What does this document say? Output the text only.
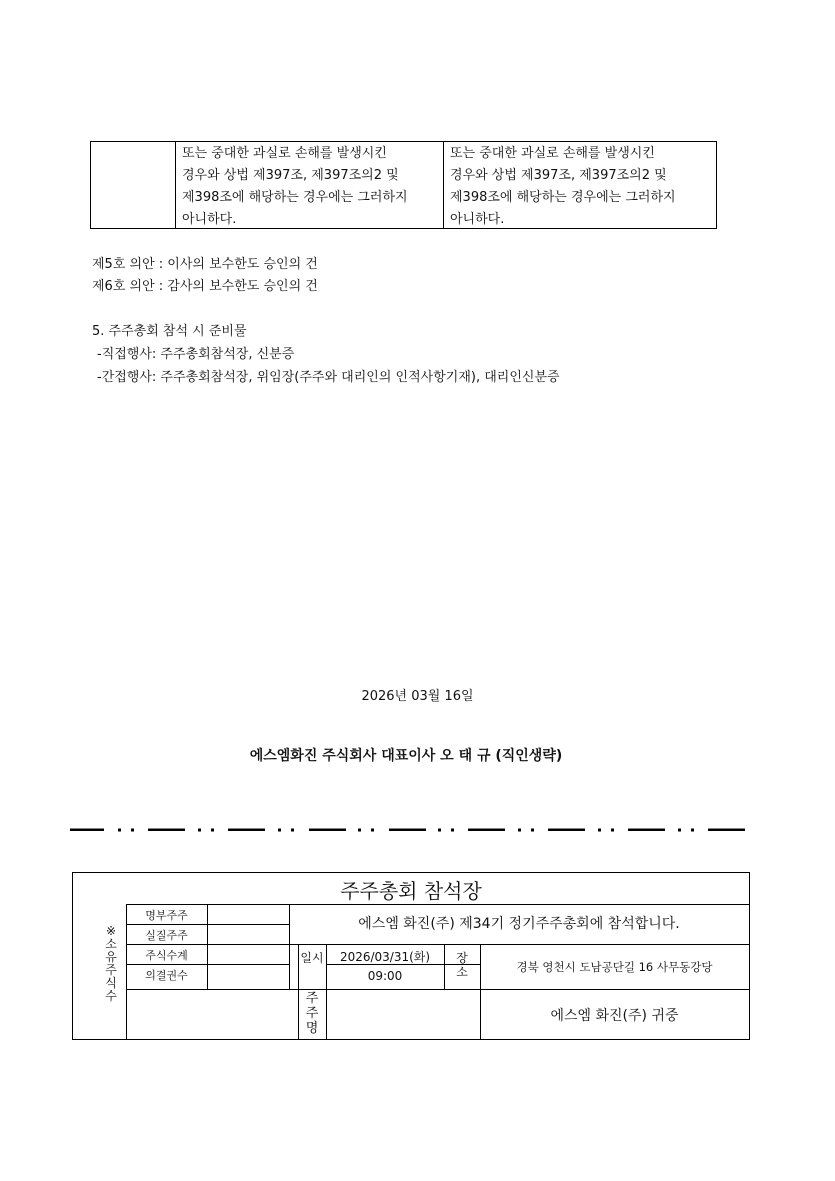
또는 중대한 과실로 손해를 발생시킨
경우와 상법 제397조, 제397조의2 및
제398조에 해당하는 경우에는 그러하지
아니하다.
또는 중대한 과실로 손해를 발생시킨
경우와 상법 제397조, 제397조의2 및
제398조에 해당하는 경우에는 그러하지
아니하다.
제5호 의안 : 이사의 보수한도 승인의 건
제6호 의안 : 감사의 보수한도 승인의 건
5. 주주총회 참석 시 준비물
-직접행사: 주주총회참석장, 신분증
-간접행사: 주주총회참석장, 위임장(주주와 대리인의 인적사항기재), 대리인신분증
2026년 03월 16일
에스엠화진 주식회사 대표이사 오 태 규 (직인생략)
주주총회 참석장
※소유주식수
명부주주
실질주주
주식수계
의결권수
에스엠 화진(주) 제34기 정기주주총회에 참석합니다.
일시	2026/03/31(화)
09:00
장소	경북 영천시 도남공단길 16 사무동강당
주주명
에스엠 화진(주) 귀중
